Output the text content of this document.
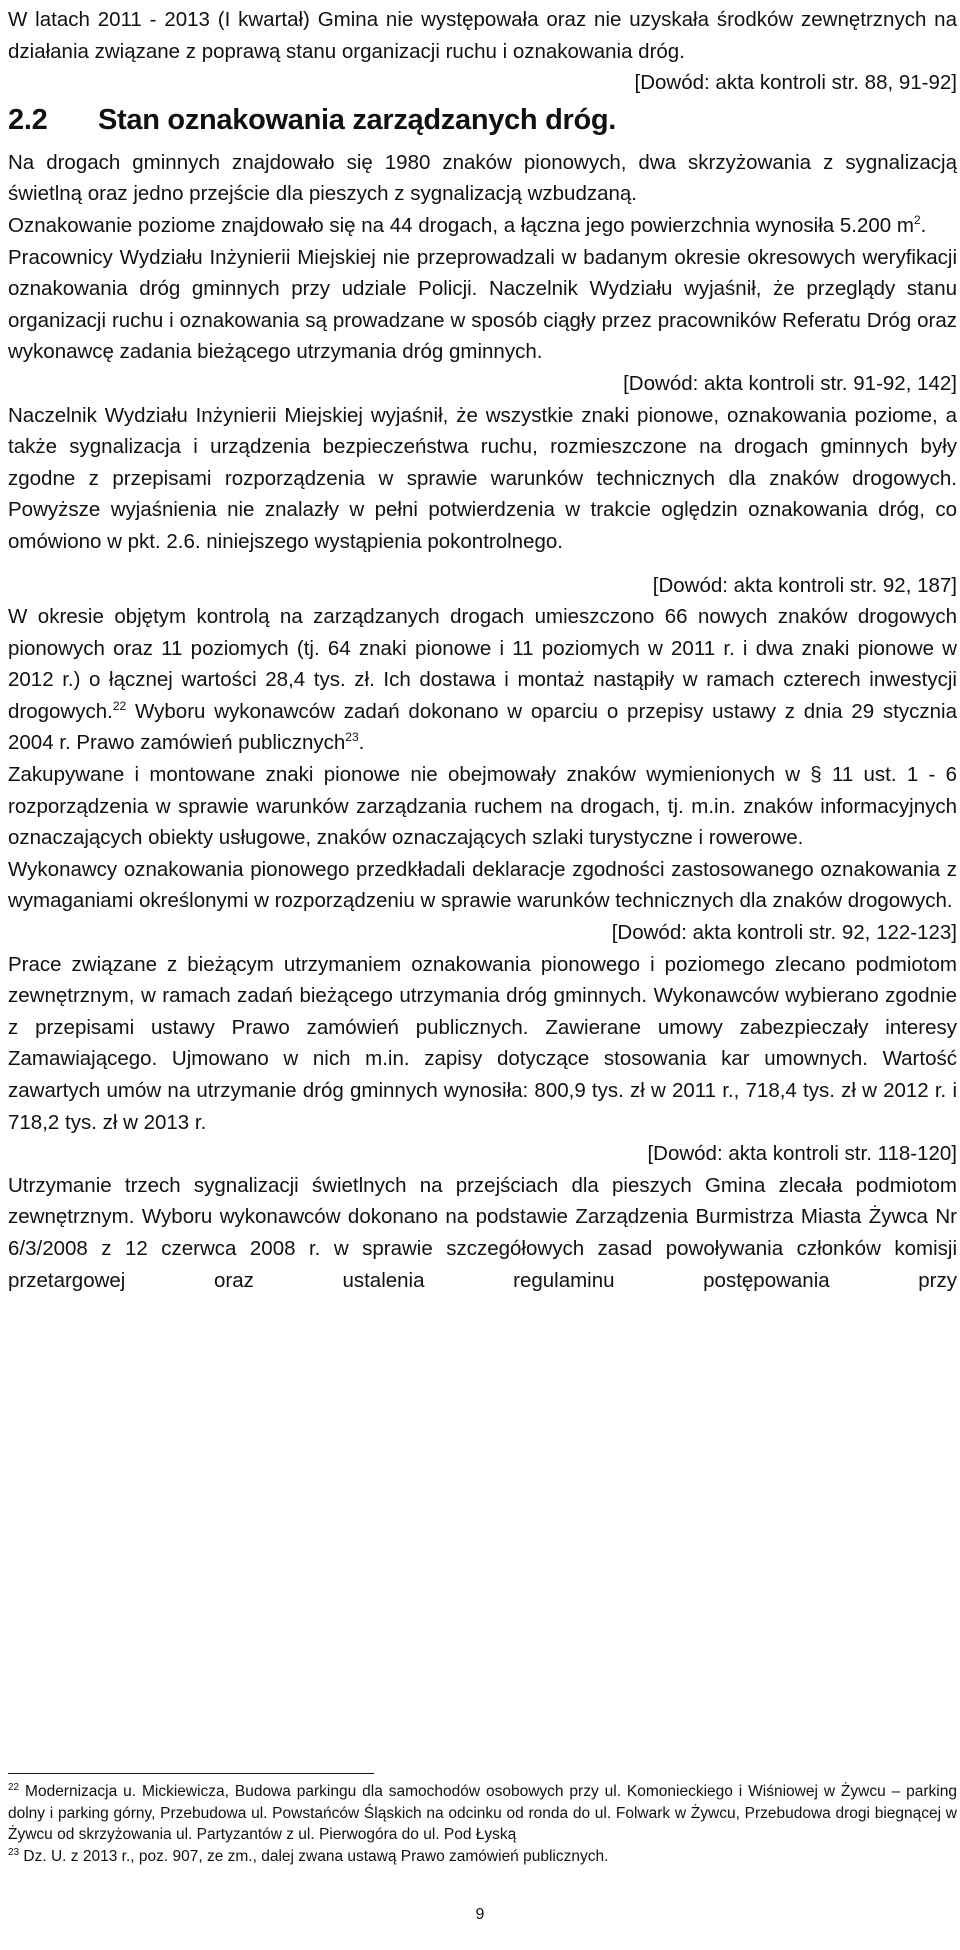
W latach 2011 - 2013 (I kwartał) Gmina nie występowała oraz nie uzyskała środków zewnętrznych na działania związane z poprawą stanu organizacji ruchu i oznakowania dróg.

[Dowód: akta kontroli str. 88, 91-92]

2.2 Stan oznakowania zarządzanych dróg.

Na drogach gminnych znajdowało się 1980 znaków pionowych, dwa skrzyżowania z sygnalizacją świetlną oraz jedno przejście dla pieszych z sygnalizacją wzbudzaną.

Oznakowanie poziome znajdowało się na 44 drogach, a łączna jego powierzchnia wynosiła 5.200 $m^2$.

Pracownicy Wydziału Inżynierii Miejskiej nie przeprowadzali w badanym okresie okresowych weryfikacji oznakowania dróg gminnych przy udziale Policji. Naczelnik Wydziału wyjaśnił, że przeglądy stanu organizacji ruchu i oznakowania są prowadzane w sposób ciągły przez pracowników Referatu Dróg oraz wykonawcę zadania bieżącego utrzymania dróg gminnych.

[Dowód: akta kontroli str. 91-92, 142]

Naczelnik Wydziału Inżynierii Miejskiej wyjaśnił, że wszystkie znaki pionowe, oznakowania poziome, a także sygnalizacja i urządzenia bezpieczeństwa ruchu, rozmieszczone na drogach gminnych były zgodne z przepisami rozporządzenia w sprawie warunków technicznych dla znaków drogowych. Powyższe wyjaśnienia nie znalazły w pełni potwierdzenia w trakcie oględzin oznakowania dróg, co omówiono w pkt. 2.6. niniejszego wystąpienia pokontrolnego.

[Dowód: akta kontroli str. 92, 187]

W okresie objętym kontrolą na zarządzanych drogach umieszczono 66 nowych znaków drogowych pionowych oraz 11 poziomych (tj. 64 znaki pionowe i 11 poziomych w 2011 r. i dwa znaki pionowe w 2012 r.) o łącznej wartości 28,4 tys. zł. Ich dostawa i montaż nastąpiły w ramach czterech inwestycji drogowych.$^{22}$ Wyboru wykonawców zadań dokonano w oparciu o przepisy ustawy z dnia 29 stycznia 2004 r. Prawo zamówień publicznych$^{23}$.

Zakupywane i montowane znaki pionowe nie obejmowały znaków wymienionych w § 11 ust. 1 - 6 rozporządzenia w sprawie warunków zarządzania ruchem na drogach, tj. m.in. znaków informacyjnych oznaczających obiekty usługowe, znaków oznaczających szlaki turystyczne i rowerowe.

Wykonawcy oznakowania pionowego przedkładali deklaracje zgodności zastosowanego oznakowania z wymaganiami określonymi w rozporządzeniu w sprawie warunków technicznych dla znaków drogowych.

[Dowód: akta kontroli str. 92, 122-123]

Prace związane z bieżącym utrzymaniem oznakowania pionowego i poziomego zlecano podmiotom zewnętrznym, w ramach zadań bieżącego utrzymania dróg gminnych. Wykonawców wybierano zgodnie z przepisami ustawy Prawo zamówień publicznych. Zawierane umowy zabezpieczały interesy Zamawiającego. Ujmowano w nich m.in. zapisy dotyczące stosowania kar umownych. Wartość zawartych umów na utrzymanie dróg gminnych wynosiła: 800,9 tys. zł w 2011 r., 718,4 tys. zł w 2012 r. i 718,2 tys. zł w 2013 r.

[Dowód: akta kontroli str. 118-120]

Utrzymanie trzech sygnalizacji świetlnych na przejściach dla pieszych Gmina zlecała podmiotom zewnętrznym. Wyboru wykonawców dokonano na podstawie Zarządzenia Burmistrza Miasta Żywca Nr 6/3/2008 z 12 czerwca 2008 r. w sprawie szczegółowych zasad powoływania członków komisji przetargowej oraz ustalenia regulaminu postępowania przy

$^{22}$ Modernizacja u. Mickiewicza, Budowa parkingu dla samochodów osobowych przy ul. Komonieckiego i Wiśniowej w Żywcu – parking dolny i parking górny, Przebudowa ul. Powstańców Śląskich na odcinku od ronda do ul. Folwark w Żywcu, Przebudowa drogi biegnącej w Żywcu od skrzyżowania ul. Partyzantów z ul. Pierwogóra do ul. Pod Łyską

$^{23}$ Dz. U. z 2013 r., poz. 907, ze zm., dalej zwana ustawą Prawo zamówień publicznych.

9
